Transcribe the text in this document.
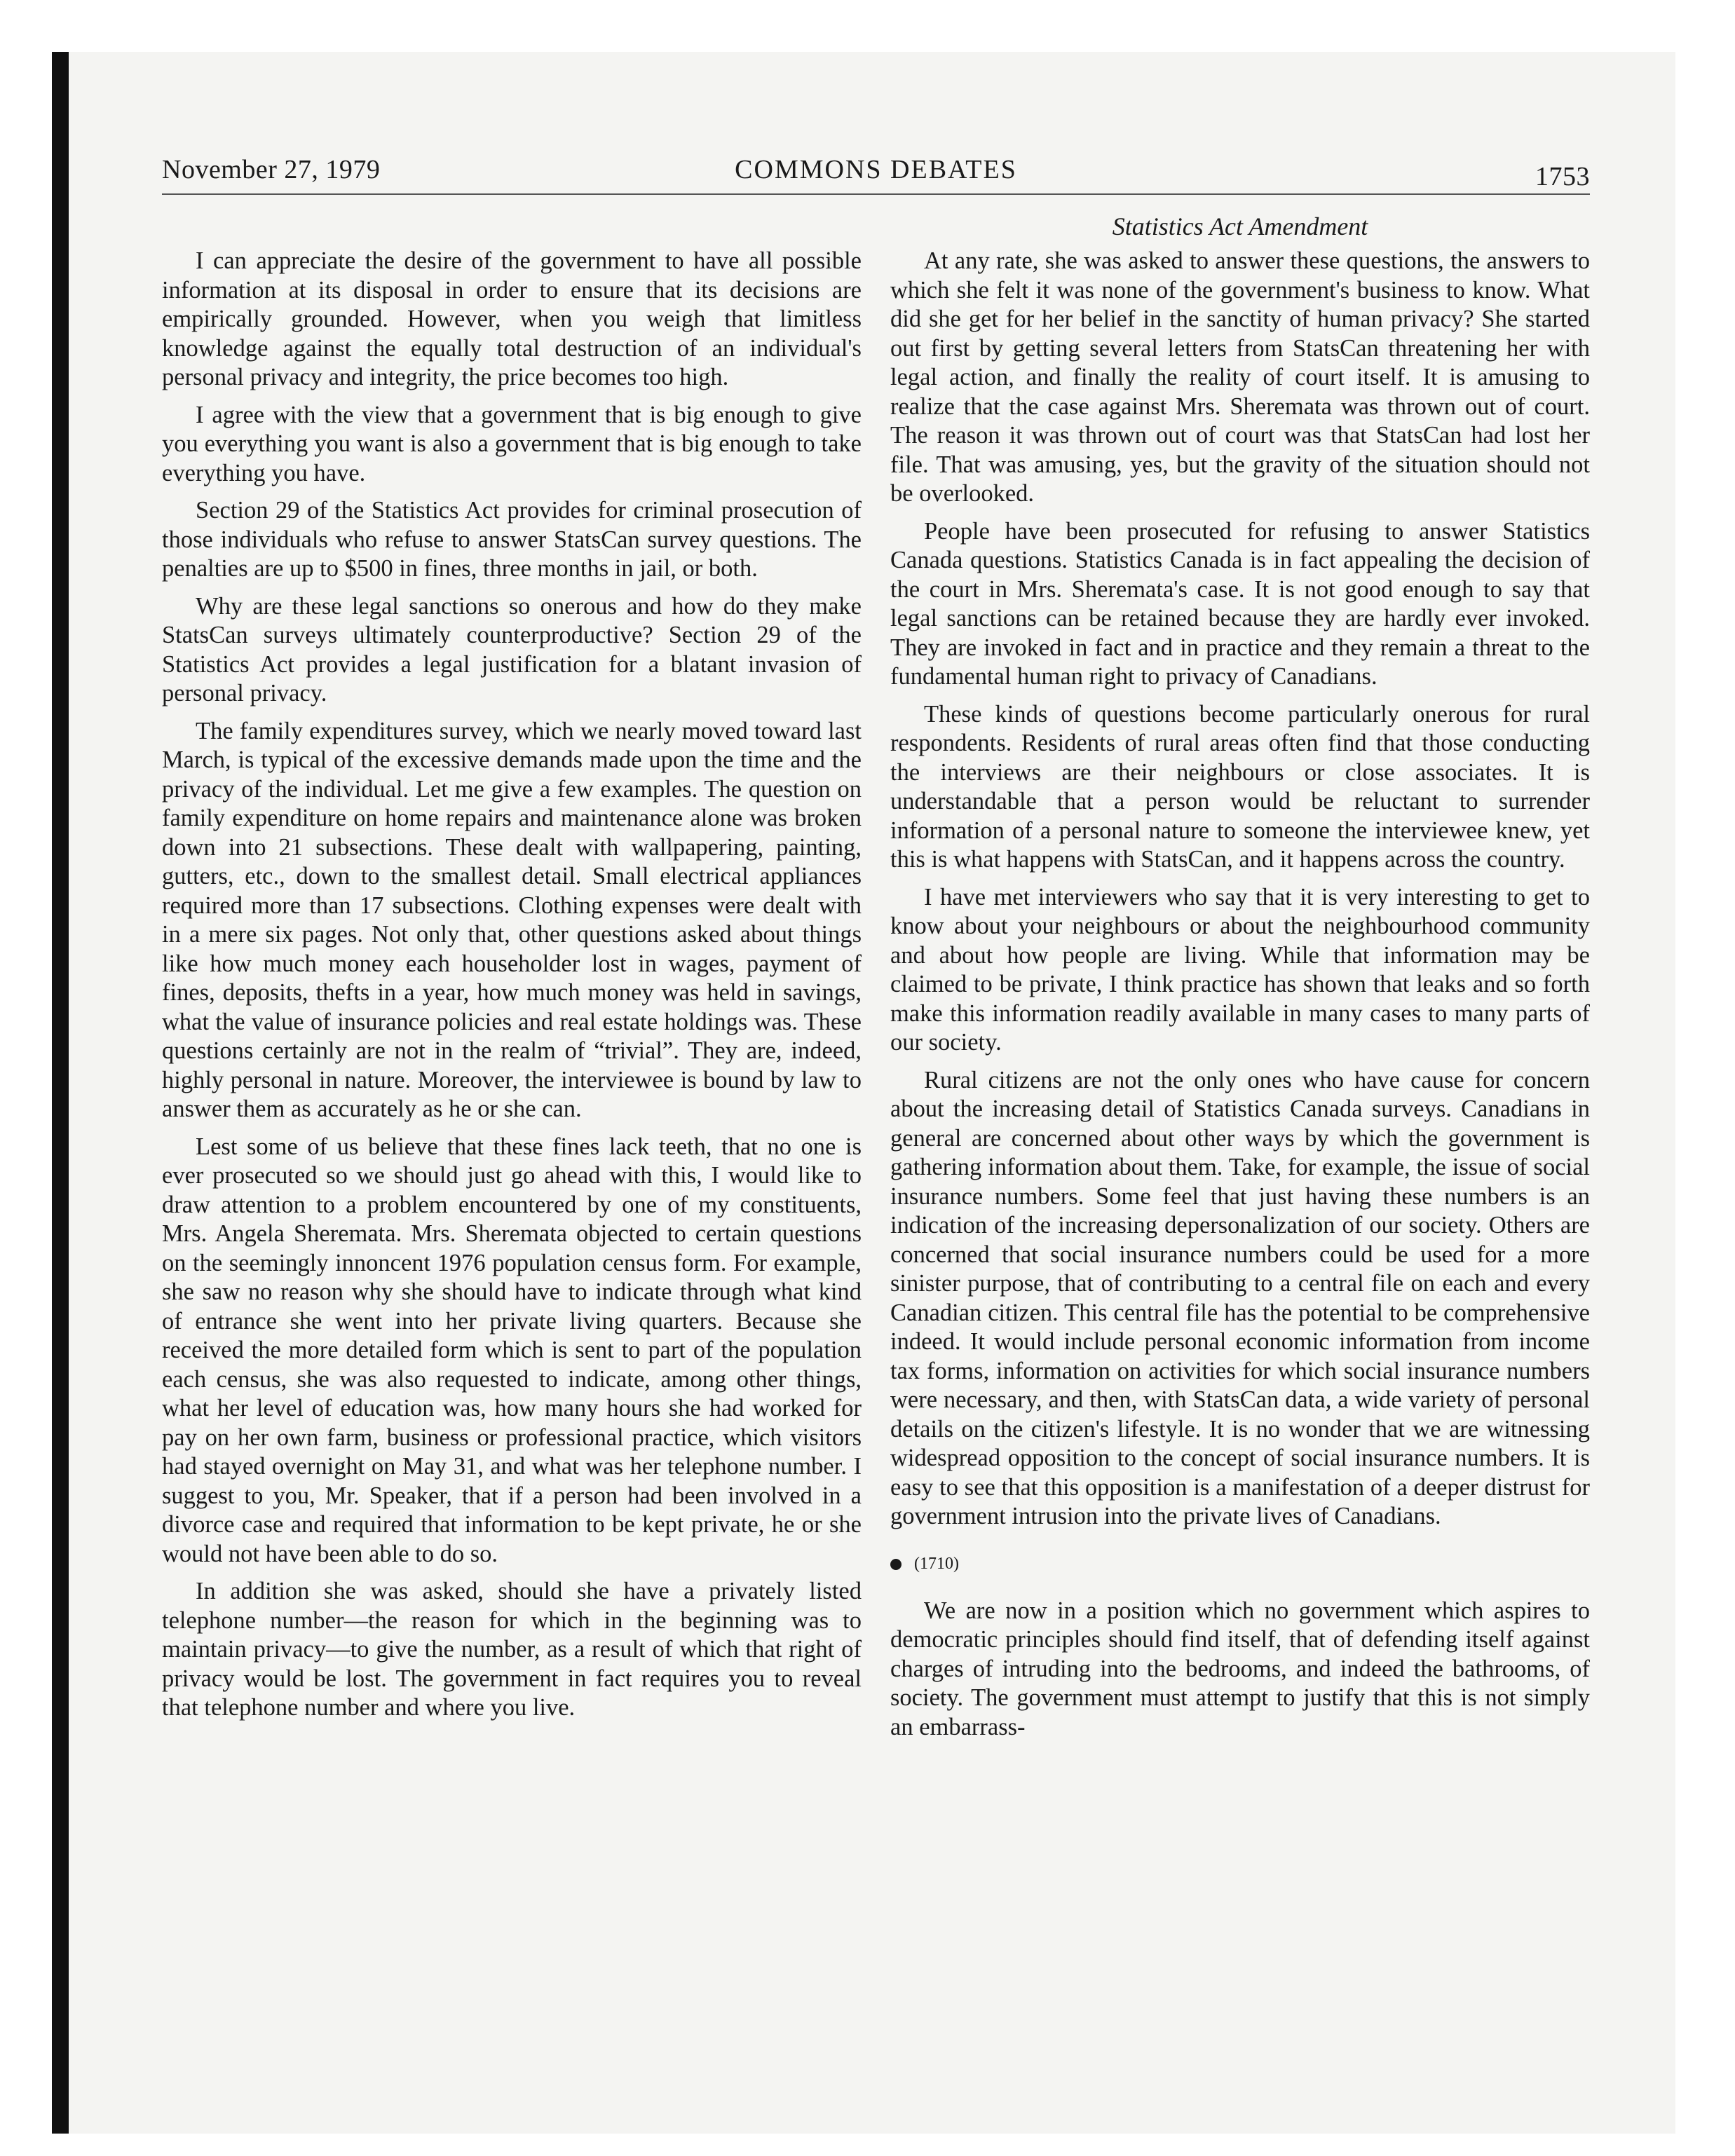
November 27, 1979	COMMONS DEBATES	1753
Statistics Act Amendment

I can appreciate the desire of the government to have all possible information at its disposal in order to ensure that its decisions are empirically grounded. However, when you weigh that limitless knowledge against the equally total destruction of an individual's personal privacy and integrity, the price becomes too high.

I agree with the view that a government that is big enough to give you everything you want is also a government that is big enough to take everything you have.

Section 29 of the Statistics Act provides for criminal prosecution of those individuals who refuse to answer StatsCan survey questions. The penalties are up to $500 in fines, three months in jail, or both.

Why are these legal sanctions so onerous and how do they make StatsCan surveys ultimately counterproductive? Section 29 of the Statistics Act provides a legal justification for a blatant invasion of personal privacy.

The family expenditures survey, which we nearly moved toward last March, is typical of the excessive demands made upon the time and the privacy of the individual. Let me give a few examples. The question on family expenditure on home repairs and maintenance alone was broken down into 21 subsections. These dealt with wallpapering, painting, gutters, etc., down to the smallest detail. Small electrical appliances required more than 17 subsections. Clothing expenses were dealt with in a mere six pages. Not only that, other questions asked about things like how much money each householder lost in wages, payment of fines, deposits, thefts in a year, how much money was held in savings, what the value of insurance policies and real estate holdings was. These questions certainly are not in the realm of “trivial”. They are, indeed, highly personal in nature. Moreover, the interviewee is bound by law to answer them as accurately as he or she can.

Lest some of us believe that these fines lack teeth, that no one is ever prosecuted so we should just go ahead with this, I would like to draw attention to a problem encountered by one of my constituents, Mrs. Angela Sheremata. Mrs. Sheremata objected to certain questions on the seemingly innoncent 1976 population census form. For example, she saw no reason why she should have to indicate through what kind of entrance she went into her private living quarters. Because she received the more detailed form which is sent to part of the population each census, she was also requested to indicate, among other things, what her level of education was, how many hours she had worked for pay on her own farm, business or professional practice, which visitors had stayed overnight on May 31, and what was her telephone number. I suggest to you, Mr. Speaker, that if a person had been involved in a divorce case and required that information to be kept private, he or she would not have been able to do so.

In addition she was asked, should she have a privately listed telephone number—the reason for which in the beginning was to maintain privacy—to give the number, as a result of which that right of privacy would be lost. The government in fact requires you to reveal that telephone number and where you live.

At any rate, she was asked to answer these questions, the answers to which she felt it was none of the government's business to know. What did she get for her belief in the sanctity of human privacy? She started out first by getting several letters from StatsCan threatening her with legal action, and finally the reality of court itself. It is amusing to realize that the case against Mrs. Sheremata was thrown out of court. The reason it was thrown out of court was that StatsCan had lost her file. That was amusing, yes, but the gravity of the situation should not be overlooked.

People have been prosecuted for refusing to answer Statistics Canada questions. Statistics Canada is in fact appealing the decision of the court in Mrs. Sheremata's case. It is not good enough to say that legal sanctions can be retained because they are hardly ever invoked. They are invoked in fact and in practice and they remain a threat to the fundamental human right to privacy of Canadians.

These kinds of questions become particularly onerous for rural respondents. Residents of rural areas often find that those conducting the interviews are their neighbours or close associates. It is understandable that a person would be reluctant to surrender information of a personal nature to someone the interviewee knew, yet this is what happens with StatsCan, and it happens across the country.

I have met interviewers who say that it is very interesting to get to know about your neighbours or about the neighbourhood community and about how people are living. While that information may be claimed to be private, I think practice has shown that leaks and so forth make this information readily available in many cases to many parts of our society.

Rural citizens are not the only ones who have cause for concern about the increasing detail of Statistics Canada surveys. Canadians in general are concerned about other ways by which the government is gathering information about them. Take, for example, the issue of social insurance numbers. Some feel that just having these numbers is an indication of the increasing depersonalization of our society. Others are concerned that social insurance numbers could be used for a more sinister purpose, that of contributing to a central file on each and every Canadian citizen. This central file has the potential to be comprehensive indeed. It would include personal economic information from income tax forms, information on activities for which social insurance numbers were necessary, and then, with StatsCan data, a wide variety of personal details on the citizen's lifestyle. It is no wonder that we are witnessing widespread opposition to the concept of social insurance numbers. It is easy to see that this opposition is a manifestation of a deeper distrust for government intrusion into the private lives of Canadians.

(1710)

We are now in a position which no government which aspires to democratic principles should find itself, that of defending itself against charges of intruding into the bedrooms, and indeed the bathrooms, of society. The government must attempt to justify that this is not simply an embarrass-
